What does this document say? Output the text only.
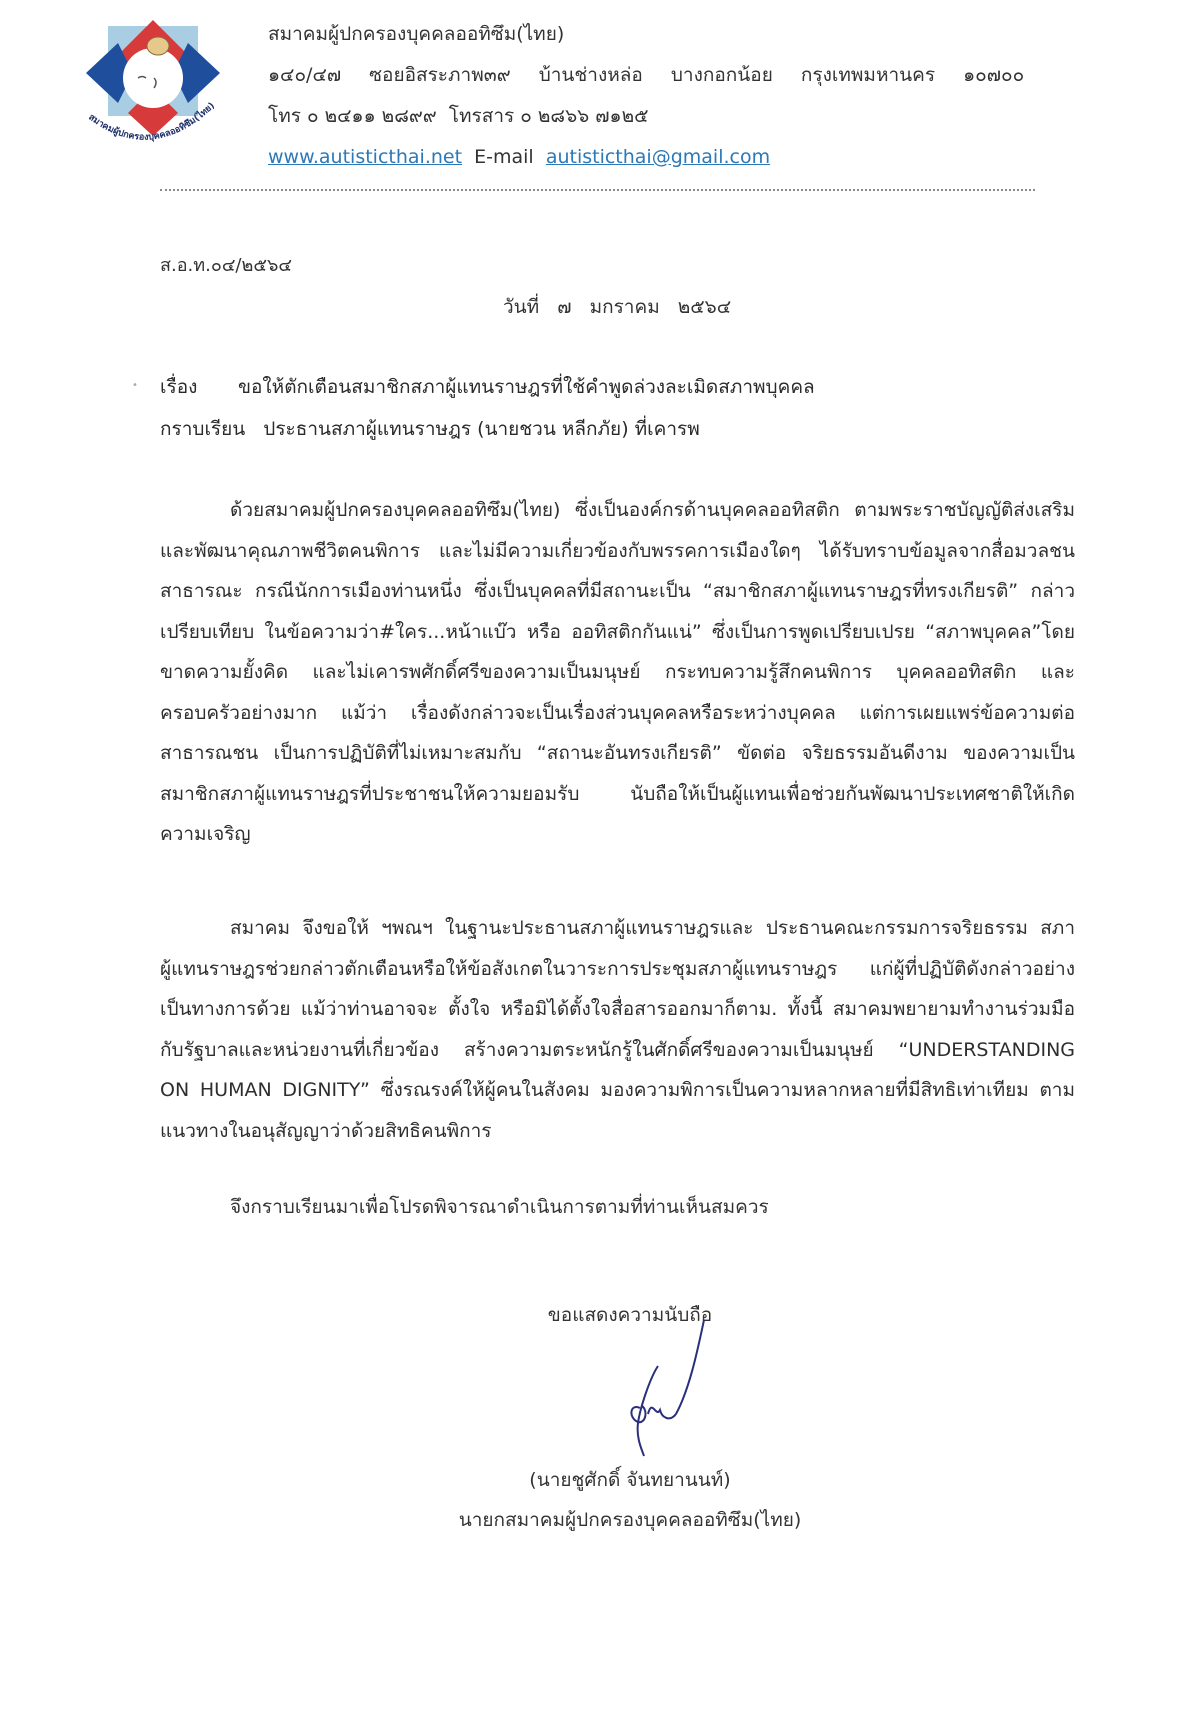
สมาคมผู้ปกครองบุคคลออทิซึม(ไทย)
สมาคมผู้ปกครองบุคคลออทิซึม(ไทย)
๑๔๐/๔๗ ซอยอิสระภาพ๓๙ บ้านช่างหล่อ บางกอกน้อย กรุงเทพมหานคร ๑๐๗๐๐
โทร ๐ ๒๔๑๑ ๒๘๙๙ โทรสาร ๐ ๒๘๖๖ ๗๑๒๕
www.autisticthai.net E-mail autisticthai@gmail.com
ส.อ.ท.๐๔/๒๕๖๔
วันที่ ๗ มกราคม ๒๕๖๔
• เรื่อง ขอให้ตักเตือนสมาชิกสภาผู้แทนราษฎรที่ใช้คำพูดล่วงละเมิดสภาพบุคคล
กราบเรียน ประธานสภาผู้แทนราษฎร (นายชวน หลีกภัย) ที่เคารพ
ด้วยสมาคมผู้ปกครองบุคคลออทิซึม(ไทย) ซึ่งเป็นองค์กรด้านบุคคลออทิสติก ตามพระราชบัญญัติส่งเสริม
และพัฒนาคุณภาพชีวิตคนพิการ และไม่มีความเกี่ยวข้องกับพรรคการเมืองใดๆ ได้รับทราบข้อมูลจากสื่อมวลชน
สาธารณะ กรณีนักการเมืองท่านหนึ่ง ซึ่งเป็นบุคคลที่มีสถานะเป็น “สมาชิกสภาผู้แทนราษฎรที่ทรงเกียรติ” กล่าว
เปรียบเทียบ ในข้อความว่า#ใคร...หน้าแบ๊ว หรือ ออทิสติกกันแน่” ซึ่งเป็นการพูดเปรียบเปรย “สภาพบุคคล”โดย
ขาดความยั้งคิด และไม่เคารพศักดิ์ศรีของความเป็นมนุษย์ กระทบความรู้สึกคนพิการ บุคคลออทิสติก และ
ครอบครัวอย่างมาก แม้ว่า เรื่องดังกล่าวจะเป็นเรื่องส่วนบุคคลหรือระหว่างบุคคล แต่การเผยแพร่ข้อความต่อ
สาธารณชน เป็นการปฏิบัติที่ไม่เหมาะสมกับ “สถานะอันทรงเกียรติ” ขัดต่อ จริยธรรมอันดีงาม ของความเป็น
สมาชิกสภาผู้แทนราษฎรที่ประชาชนให้ความยอมรับ นับถือให้เป็นผู้แทนเพื่อช่วยกันพัฒนาประเทศชาติให้เกิด
ความเจริญ
สมาคม จึงขอให้ ฯพณฯ ในฐานะประธานสภาผู้แทนราษฎรและ ประธานคณะกรรมการจริยธรรม สภา
ผู้แทนราษฎรช่วยกล่าวตักเตือนหรือให้ข้อสังเกตในวาระการประชุมสภาผู้แทนราษฎร แก่ผู้ที่ปฏิบัติดังกล่าวอย่าง
เป็นทางการด้วย แม้ว่าท่านอาจจะ ตั้งใจ หรือมิได้ตั้งใจสื่อสารออกมาก็ตาม. ทั้งนี้ สมาคมพยายามทำงานร่วมมือ
กับรัฐบาลและหน่วยงานที่เกี่ยวข้อง สร้างความตระหนักรู้ในศักดิ์ศรีของความเป็นมนุษย์ “UNDERSTANDING
ON HUMAN DIGNITY” ซึ่งรณรงค์ให้ผู้คนในสังคม มองความพิการเป็นความหลากหลายที่มีสิทธิเท่าเทียม ตาม
แนวทางในอนุสัญญาว่าด้วยสิทธิคนพิการ
จึงกราบเรียนมาเพื่อโปรดพิจารณาดำเนินการตามที่ท่านเห็นสมควร
ขอแสดงความนับถือ
(นายชูศักดิ์ จันทยานนท์)
นายกสมาคมผู้ปกครองบุคคลออทิซึม(ไทย)
